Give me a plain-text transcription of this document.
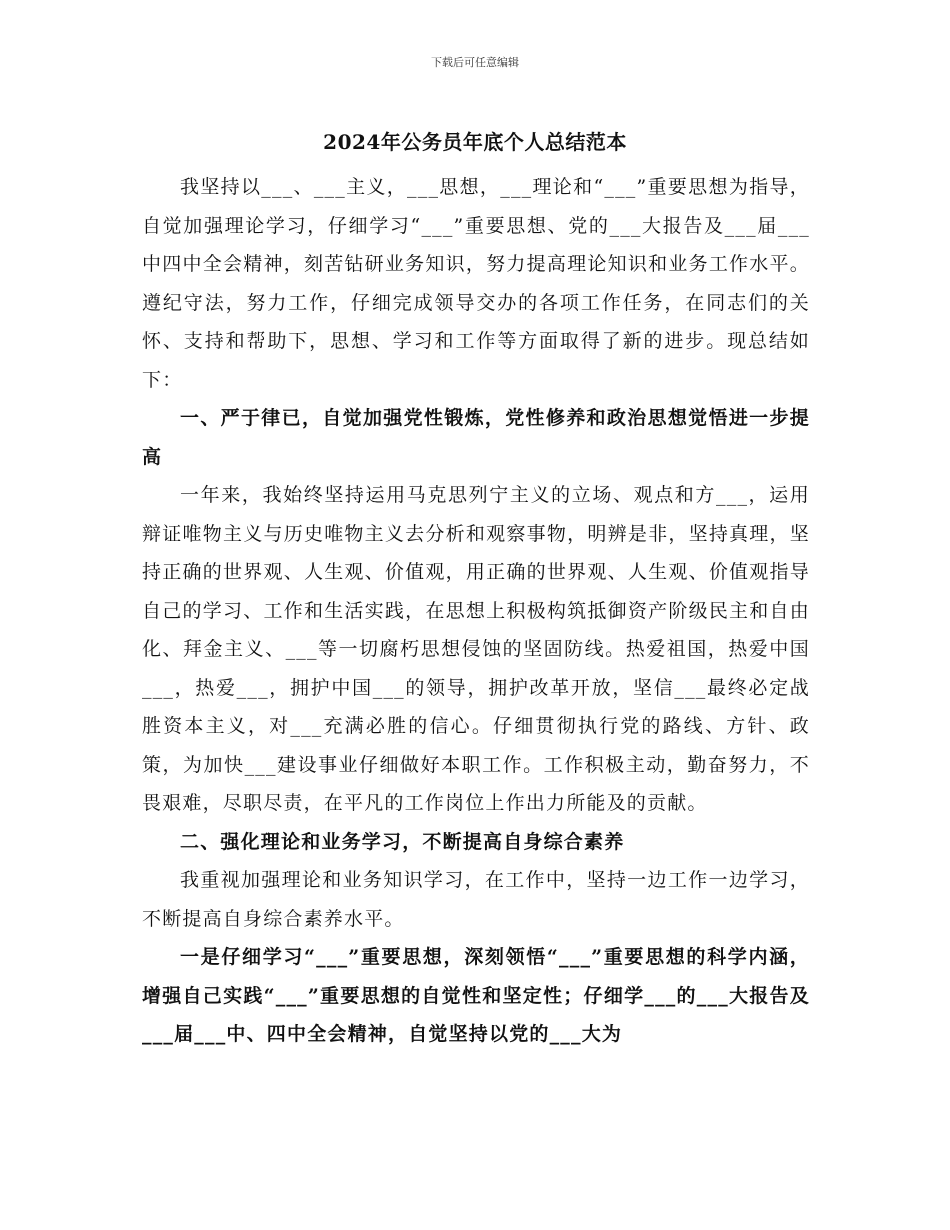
下载后可任意编辑
2024年公务员年底个人总结范本

我坚持以___、___主义，___思想，___理论和“___”重要思想为指导，自觉加强理论学习，仔细学习“___”重要思想、党的___大报告及___届___中四中全会精神，刻苦钻研业务知识，努力提高理论知识和业务工作水平。遵纪守法，努力工作，仔细完成领导交办的各项工作任务，在同志们的关怀、支持和帮助下，思想、学习和工作等方面取得了新的进步。现总结如下：

一、严于律已，自觉加强党性锻炼，党性修养和政治思想觉悟进一步提高

一年来，我始终坚持运用马克思列宁主义的立场、观点和方___，运用辩证唯物主义与历史唯物主义去分析和观察事物，明辨是非，坚持真理，坚持正确的世界观、人生观、价值观，用正确的世界观、人生观、价值观指导自己的学习、工作和生活实践，在思想上积极构筑抵御资产阶级民主和自由化、拜金主义、___等一切腐朽思想侵蚀的坚固防线。热爱祖国，热爱中国___，热爱___，拥护中国___的领导，拥护改革开放，坚信___最终必定战胜资本主义，对___充满必胜的信心。仔细贯彻执行党的路线、方针、政策，为加快___建设事业仔细做好本职工作。工作积极主动，勤奋努力，不畏艰难，尽职尽责，在平凡的工作岗位上作出力所能及的贡献。

二、强化理论和业务学习，不断提高自身综合素养

我重视加强理论和业务知识学习，在工作中，坚持一边工作一边学习，不断提高自身综合素养水平。

一是仔细学习“___”重要思想，深刻领悟“___”重要思想的科学内涵，增强自己实践“___”重要思想的自觉性和坚定性；仔细学___的___大报告及___届___中、四中全会精神，自觉坚持以党的___大为
